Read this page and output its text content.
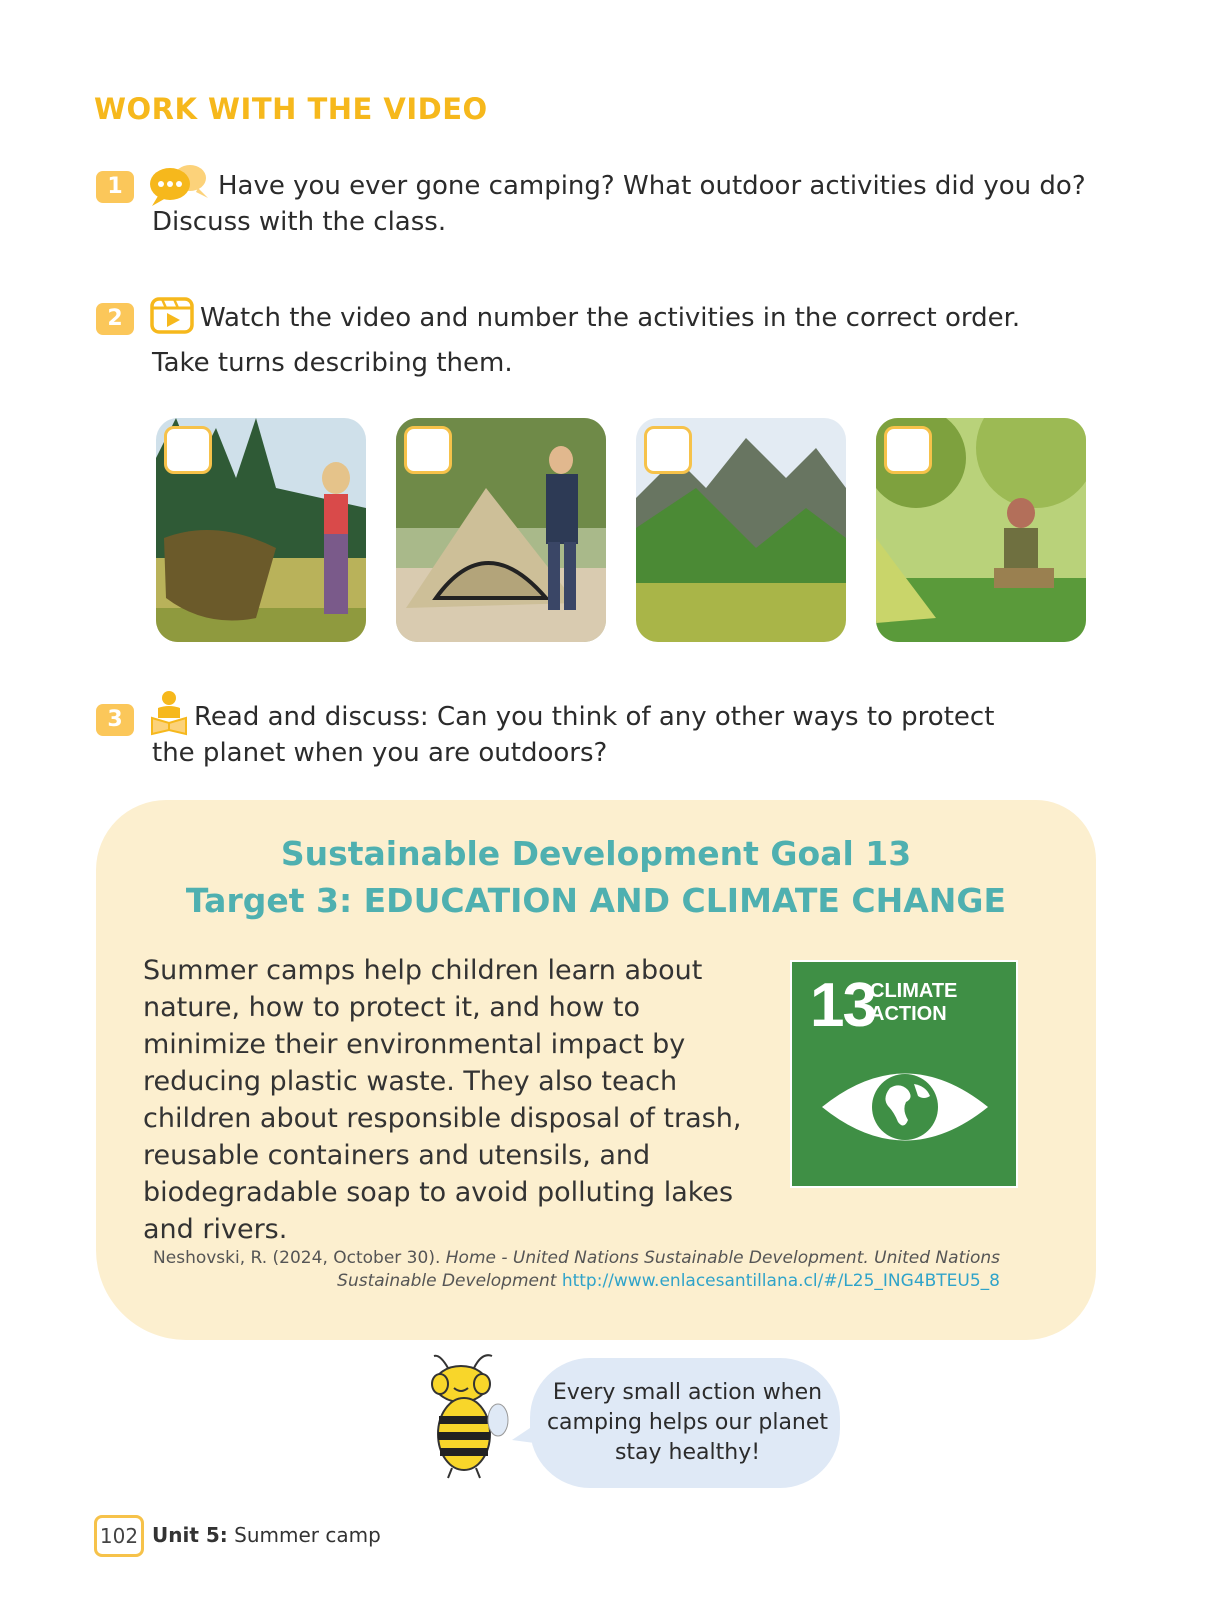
WORK WITH THE VIDEO
1	Have you ever gone camping? What outdoor activities did you do?

Discuss with the class.

2	Watch the video and number the activities in the correct order.

Take turns describing them.

3	Read and discuss: Can you think of any other ways to protect

the planet when you are outdoors?

Sustainable Development Goal 13
Target 3: EDUCATION AND CLIMATE CHANGE

Summer camps help children learn about nature, how to protect it, and how to minimize their environmental impact by reducing plastic waste. They also teach children about responsible disposal of trash, reusable containers and utensils, and biodegradable soap to avoid polluting lakes and rivers.

13
CLIMATE
ACTION

Neshovski, R. (2024, October 30). Home - United Nations Sustainable Development. United Nations Sustainable Development http://www.enlacesantillana.cl/#/L25_ING4BTEU5_8

Every small action when camping helps our planet stay healthy!

102 Unit 5: Summer camp
